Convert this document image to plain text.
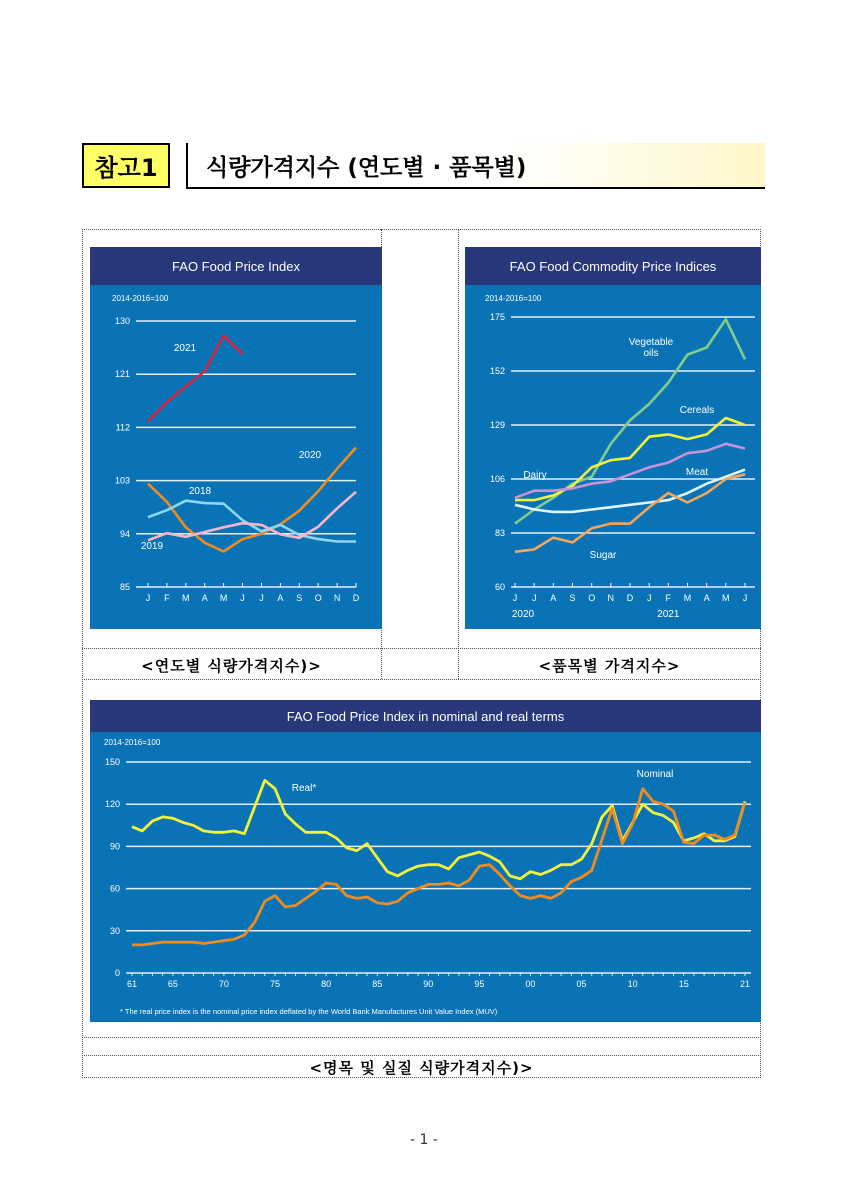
참고1	식량가격지수 (연도별 · 품목별)
<연도별 식량가격지수)>	<품목별 가격지수>
<명목 및 실질 식량가격지수)>
FAO Food Price Index
2014-2016=100
85
94
103
112
121
130
J F M A M J J A S O N D
2021
2020
2018
2019
FAO Food Commodity Price Indices
2014-2016=100
60
83
106
129
152
175
J J A S O N D J F M A M J
2020	2021
Vegetable
oils
Cereals
Dairy	Meat
Sugar
FAO Food Price Index in nominal and real terms
2014-2016=100
0
30
60
90
120
150
61	65	70	75	80	85	90	95	00	05	10	15	21
Real*
Nominal
* The real price index is the nominal price index deflated by the World Bank Manufactures Unit Value Index (MUV)
- 1 -
